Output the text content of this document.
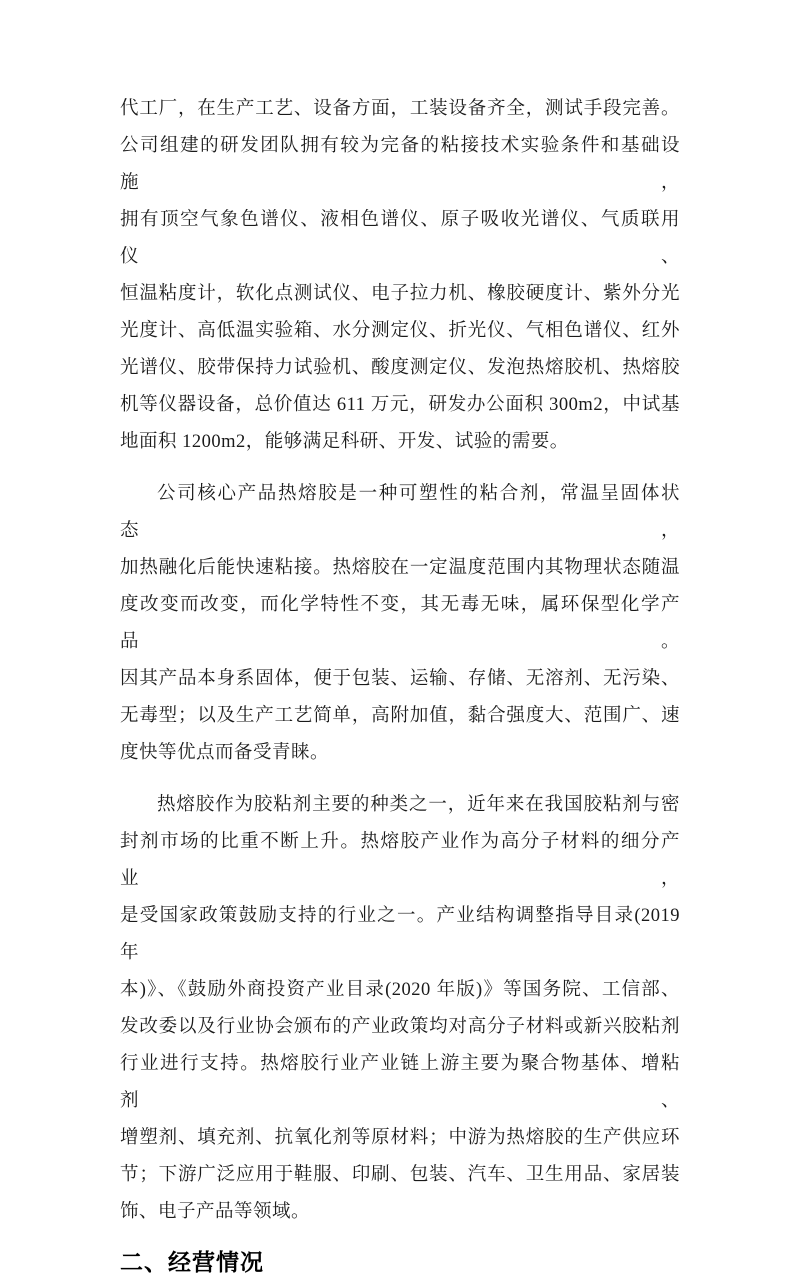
代工厂，在生产工艺、设备方面，工装设备齐全，测试手段完善。
公司组建的研发团队拥有较为完备的粘接技术实验条件和基础设施，
拥有顶空气象色谱仪、液相色谱仪、原子吸收光谱仪、气质联用仪、
恒温粘度计，软化点测试仪、电子拉力机、橡胶硬度计、紫外分光
光度计、高低温实验箱、水分测定仪、折光仪、气相色谱仪、红外
光谱仪、胶带保持力试验机、酸度测定仪、发泡热熔胶机、热熔胶
机等仪器设备，总价值达 611 万元，研发办公面积 300m2，中试基
地面积 1200m2，能够满足科研、开发、试验的需要。
公司核心产品热熔胶是一种可塑性的粘合剂，常温呈固体状态，
加热融化后能快速粘接。热熔胶在一定温度范围内其物理状态随温
度改变而改变，而化学特性不变，其无毒无味，属环保型化学产品。
因其产品本身系固体，便于包装、运输、存储、无溶剂、无污染、
无毒型；以及生产工艺简单，高附加值，黏合强度大、范围广、速
度快等优点而备受青睐。
热熔胶作为胶粘剂主要的种类之一，近年来在我国胶粘剂与密
封剂市场的比重不断上升。热熔胶产业作为高分子材料的细分产业，
是受国家政策鼓励支持的行业之一。产业结构调整指导目录(2019 年
本)》、《鼓励外商投资产业目录(2020 年版)》等国务院、工信部、
发改委以及行业协会颁布的产业政策均对高分子材料或新兴胶粘剂
行业进行支持。热熔胶行业产业链上游主要为聚合物基体、增粘剂、
增塑剂、填充剂、抗氧化剂等原材料；中游为热熔胶的生产供应环
节；下游广泛应用于鞋服、印刷、包装、汽车、卫生用品、家居装
饰、电子产品等领域。
二、经营情况
